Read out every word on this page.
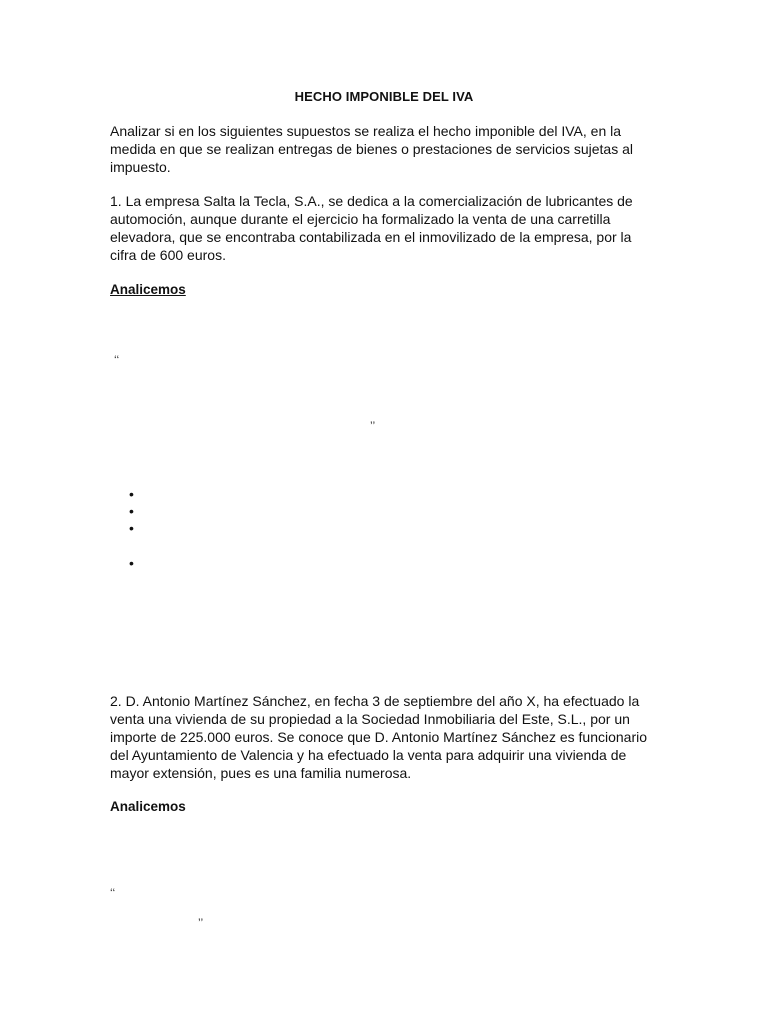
HECHO IMPONIBLE DEL IVA
Analizar si en los siguientes supuestos se realiza el hecho imponible del IVA, en la medida en que se realizan entregas de bienes o prestaciones de servicios sujetas al impuesto.
1. La empresa Salta la Tecla, S.A., se dedica a la comercialización de lubricantes de automoción, aunque durante el ejercicio ha formalizado la venta de una carretilla elevadora, que se encontraba contabilizada en el inmovilizado de la empresa, por la cifra de 600 euros.
Analicemos
‘‘
’’
•
•
•
•
2. D. Antonio Martínez Sánchez, en fecha 3 de septiembre del año X, ha efectuado la venta una vivienda de su propiedad a la Sociedad Inmobiliaria del Este, S.L., por un importe de 225.000 euros. Se conoce que D. Antonio Martínez Sánchez es funcionario del Ayuntamiento de Valencia y ha efectuado la venta para adquirir una vivienda de mayor extensión, pues es una familia numerosa.
Analicemos
‘‘
’’
